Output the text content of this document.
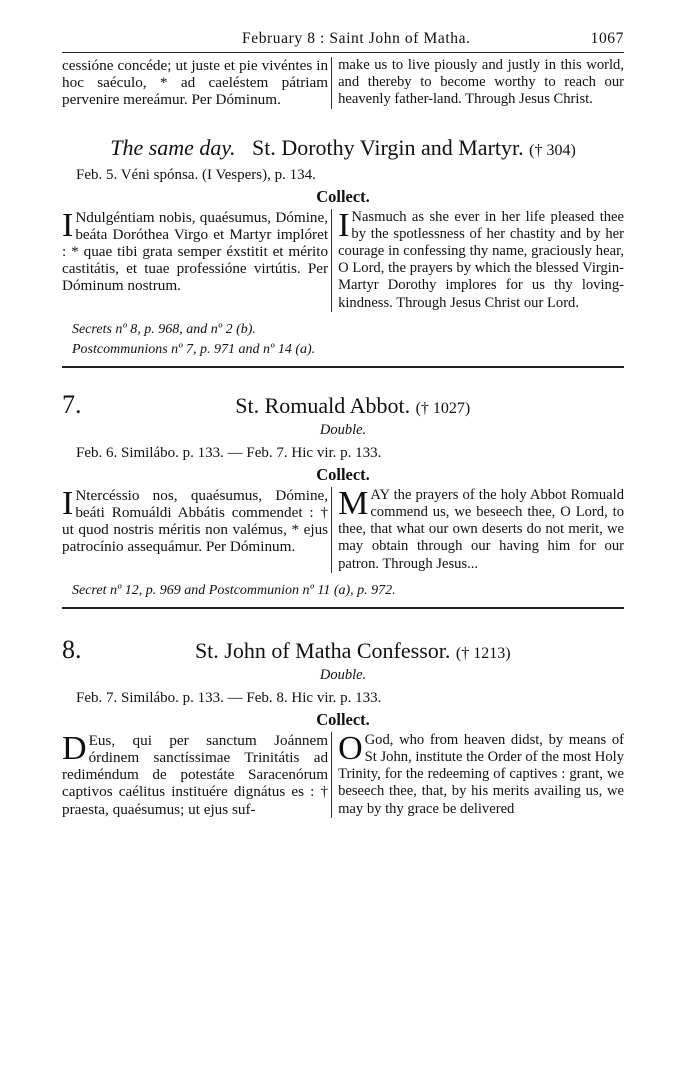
February 8 : Saint John of Matha.	1067

cessióne concéde; ut juste et pie vivéntes in hoc saéculo, * ad caeléstem pátriam pervenire mereámur. Per Dóminum.

make us to live piously and justly in this world, and thereby to become worthy to reach our heavenly father-land. Through Jesus Christ.

The same day. St. Dorothy Virgin and Martyr. († 304)
Feb. 5. Véni spónsa. (I Vespers), p. 134.
Collect.

I Ndulgéntiam nobis, quaésumus, Dómine, beáta Doróthea Virgo et Martyr implóret : * quae tibi grata semper éxstitit et mérito castitátis, et tuae professióne virtútis. Per Dóminum nostrum.

I Nasmuch as she ever in her life pleased thee by the spotlessness of her chastity and by her courage in confessing thy name, graciously hear, O Lord, the prayers by which the blessed Virgin-Martyr Dorothy implores for us thy loving-kindness. Through Jesus Christ our Lord.

Secrets nº 8, p. 968, and nº 2 (b).
Postcommunions nº 7, p. 971 and nº 14 (a).
7.	St. Romuald Abbot. († 1027)
Double.
Feb. 6. Similábo. p. 133. — Feb. 7. Hic vir. p. 133.
Collect.

I Ntercéssio nos, quaésumus, Dómine, beáti Romuáldi Abbátis commendet : † ut quod nostris méritis non valémus, * ejus patrocínio assequámur. Per Dóminum.

MAY the prayers of the holy Abbot Romuald commend us, we beseech thee, O Lord, to thee, that what our own deserts do not merit, we may obtain through our having him for our patron. Through Jesus...

Secret nº 12, p. 969 and Postcommunion nº 11 (a), p. 972.
8.	St. John of Matha Confessor. († 1213)
Double.
Feb. 7. Similábo. p. 133. — Feb. 8. Hic vir. p. 133.
Collect.

D Eus, qui per sanctum Joánnem órdinem sanctíssimae Trinitátis ad rediméndum de potestáte Saracenórum captivos caélitus instituére dignátus es : † praesta, quaésumus; ut ejus suf-

O God, who from heaven didst, by means of St John, institute the Order of the most Holy Trinity, for the redeeming of captives : grant, we beseech thee, that, by his merits availing us, we may by thy grace be delivered
